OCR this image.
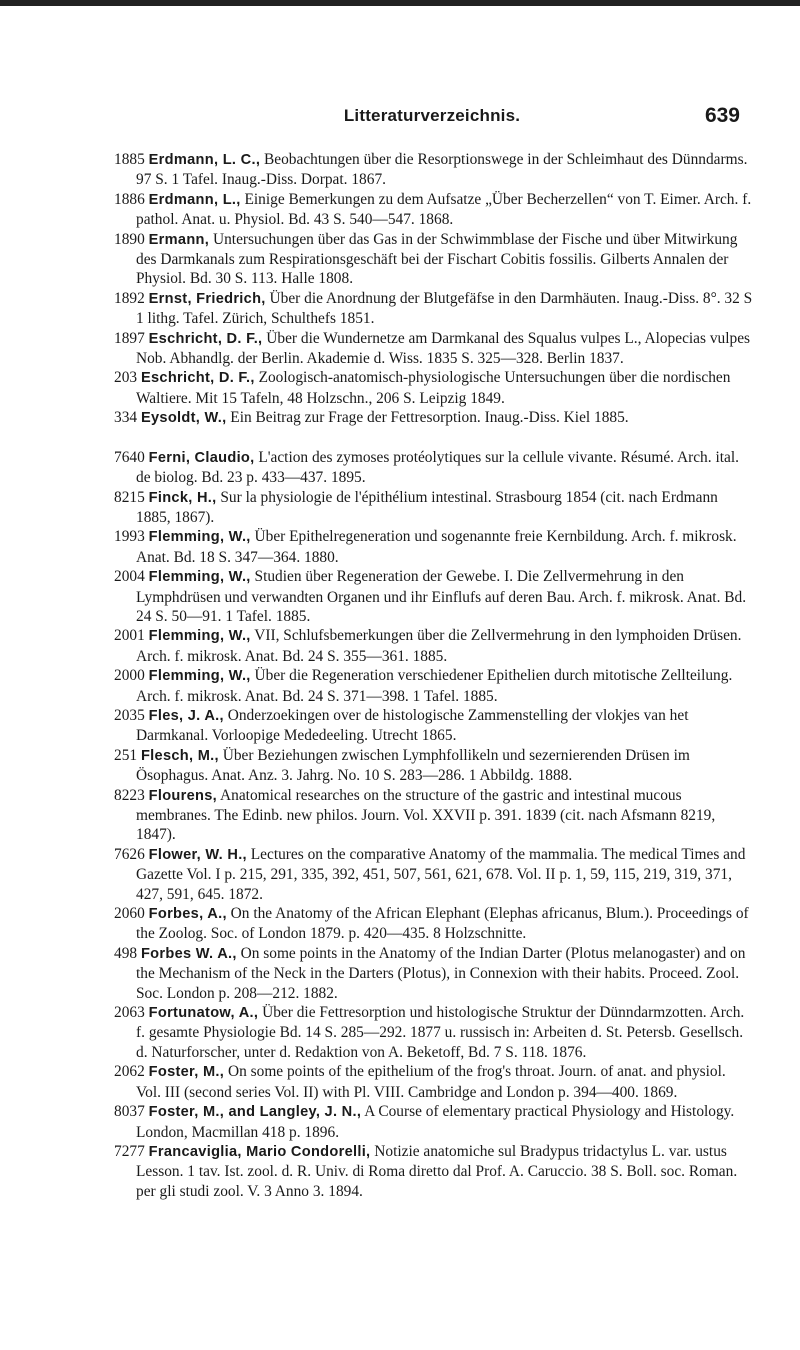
Litteraturverzeichnis.	639

1885 Erdmann, L. C., Beobachtungen über die Resorptionswege in der Schleimhaut des Dünndarms. 97 S. 1 Tafel. Inaug.-Diss. Dorpat. 1867.

1886 Erdmann, L., Einige Bemerkungen zu dem Aufsatze „Über Becherzellen“ von T. Eimer. Arch. f. pathol. Anat. u. Physiol. Bd. 43 S. 540—547. 1868.

1890 Ermann, Untersuchungen über das Gas in der Schwimmblase der Fische und über Mitwirkung des Darmkanals zum Respirationsgeschäft bei der Fischart Cobitis fossilis. Gilberts Annalen der Physiol. Bd. 30 S. 113. Halle 1808.

1892 Ernst, Friedrich, Über die Anordnung der Blutgefäfse in den Darmhäuten. Inaug.-Diss. 8°. 32 S 1 lithg. Tafel. Zürich, Schulthefs 1851.

1897 Eschricht, D. F., Über die Wundernetze am Darmkanal des Squalus vulpes L., Alopecias vulpes Nob. Abhandlg. der Berlin. Akademie d. Wiss. 1835 S. 325—328. Berlin 1837.

203 Eschricht, D. F., Zoologisch-anatomisch-physiologische Untersuchungen über die nordischen Waltiere. Mit 15 Tafeln, 48 Holzschn., 206 S. Leipzig 1849.

334 Eysoldt, W., Ein Beitrag zur Frage der Fettresorption. Inaug.-Diss. Kiel 1885.

7640 Ferni, Claudio, L'action des zymoses protéolytiques sur la cellule vivante. Résumé. Arch. ital. de biolog. Bd. 23 p. 433—437. 1895.

8215 Finck, H., Sur la physiologie de l'épithélium intestinal. Strasbourg 1854 (cit. nach Erdmann 1885, 1867).

1993 Flemming, W., Über Epithelregeneration und sogenannte freie Kernbildung. Arch. f. mikrosk. Anat. Bd. 18 S. 347—364. 1880.

2004 Flemming, W., Studien über Regeneration der Gewebe. I. Die Zellvermehrung in den Lymphdrüsen und verwandten Organen und ihr Einflufs auf deren Bau. Arch. f. mikrosk. Anat. Bd. 24 S. 50—91. 1 Tafel. 1885.

2001 Flemming, W., VII, Schlufsbemerkungen über die Zellvermehrung in den lymphoiden Drüsen. Arch. f. mikrosk. Anat. Bd. 24 S. 355—361. 1885.

2000 Flemming, W., Über die Regeneration verschiedener Epithelien durch mitotische Zellteilung. Arch. f. mikrosk. Anat. Bd. 24 S. 371—398. 1 Tafel. 1885.

2035 Fles, J. A., Onderzoekingen over de histologische Zammenstelling der vlokjes van het Darmkanal. Vorloopige Mededeeling. Utrecht 1865.

251 Flesch, M., Über Beziehungen zwischen Lymphfollikeln und sezernierenden Drüsen im Ösophagus. Anat. Anz. 3. Jahrg. No. 10 S. 283—286. 1 Abbildg. 1888.

8223 Flourens, Anatomical researches on the structure of the gastric and intestinal mucous membranes. The Edinb. new philos. Journ. Vol. XXVII p. 391. 1839 (cit. nach Afsmann 8219, 1847).

7626 Flower, W. H., Lectures on the comparative Anatomy of the mammalia. The medical Times and Gazette Vol. I p. 215, 291, 335, 392, 451, 507, 561, 621, 678. Vol. II p. 1, 59, 115, 219, 319, 371, 427, 591, 645. 1872.

2060 Forbes, A., On the Anatomy of the African Elephant (Elephas africanus, Blum.). Proceedings of the Zoolog. Soc. of London 1879. p. 420—435. 8 Holzschnitte.

498 Forbes W. A., On some points in the Anatomy of the Indian Darter (Plotus melanogaster) and on the Mechanism of the Neck in the Darters (Plotus), in Connexion with their habits. Proceed. Zool. Soc. London p. 208—212. 1882.

2063 Fortunatow, A., Über die Fettresorption und histologische Struktur der Dünndarmzotten. Arch. f. gesamte Physiologie Bd. 14 S. 285—292. 1877 u. russisch in: Arbeiten d. St. Petersb. Gesellsch. d. Naturforscher, unter d. Redaktion von A. Beketoff, Bd. 7 S. 118. 1876.

2062 Foster, M., On some points of the epithelium of the frog's throat. Journ. of anat. and physiol. Vol. III (second series Vol. II) with Pl. VIII. Cambridge and London p. 394—400. 1869.

8037 Foster, M., and Langley, J. N., A Course of elementary practical Physiology and Histology. London, Macmillan 418 p. 1896.

7277 Francaviglia, Mario Condorelli, Notizie anatomiche sul Bradypus tridactylus L. var. ustus Lesson. 1 tav. Ist. zool. d. R. Univ. di Roma diretto dal Prof. A. Caruccio. 38 S. Boll. soc. Roman. per gli studi zool. V. 3 Anno 3. 1894.
